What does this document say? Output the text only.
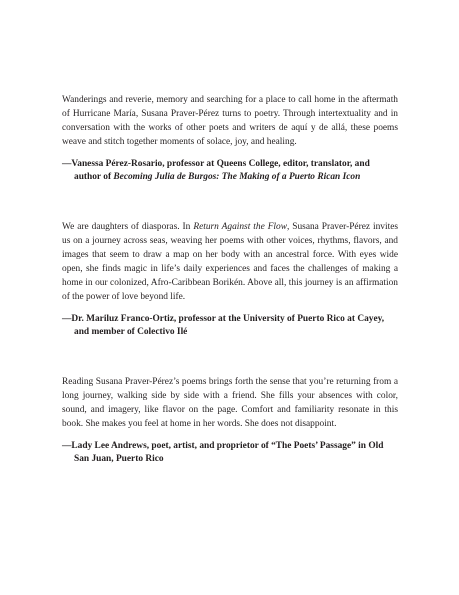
Wanderings and reverie, memory and searching for a place to call home in the aftermath of Hurricane María, Susana Praver-Pérez turns to poetry. Through intertextuality and in conversation with the works of other poets and writers de aquí y de allá, these poems weave and stitch together moments of solace, joy, and healing.

—Vanessa Pérez-Rosario, professor at Queens College, editor, translator, and author of Becoming Julia de Burgos: The Making of a Puerto Rican Icon

We are daughters of diasporas. In Return Against the Flow, Susana Praver-Pérez invites us on a journey across seas, weaving her poems with other voices, rhythms, flavors, and images that seem to draw a map on her body with an ancestral force. With eyes wide open, she finds magic in life’s daily experiences and faces the challenges of making a home in our colonized, Afro-Caribbean Borikén. Above all, this journey is an affirmation of the power of love beyond life.

—Dr. Mariluz Franco-Ortiz, professor at the University of Puerto Rico at Cayey, and member of Colectivo Ilé

Reading Susana Praver-Pérez’s poems brings forth the sense that you’re returning from a long journey, walking side by side with a friend. She fills your absences with color, sound, and imagery, like flavor on the page. Comfort and familiarity resonate in this book. She makes you feel at home in her words. She does not disappoint.

—Lady Lee Andrews, poet, artist, and proprietor of “The Poets’ Passage” in Old San Juan, Puerto Rico
